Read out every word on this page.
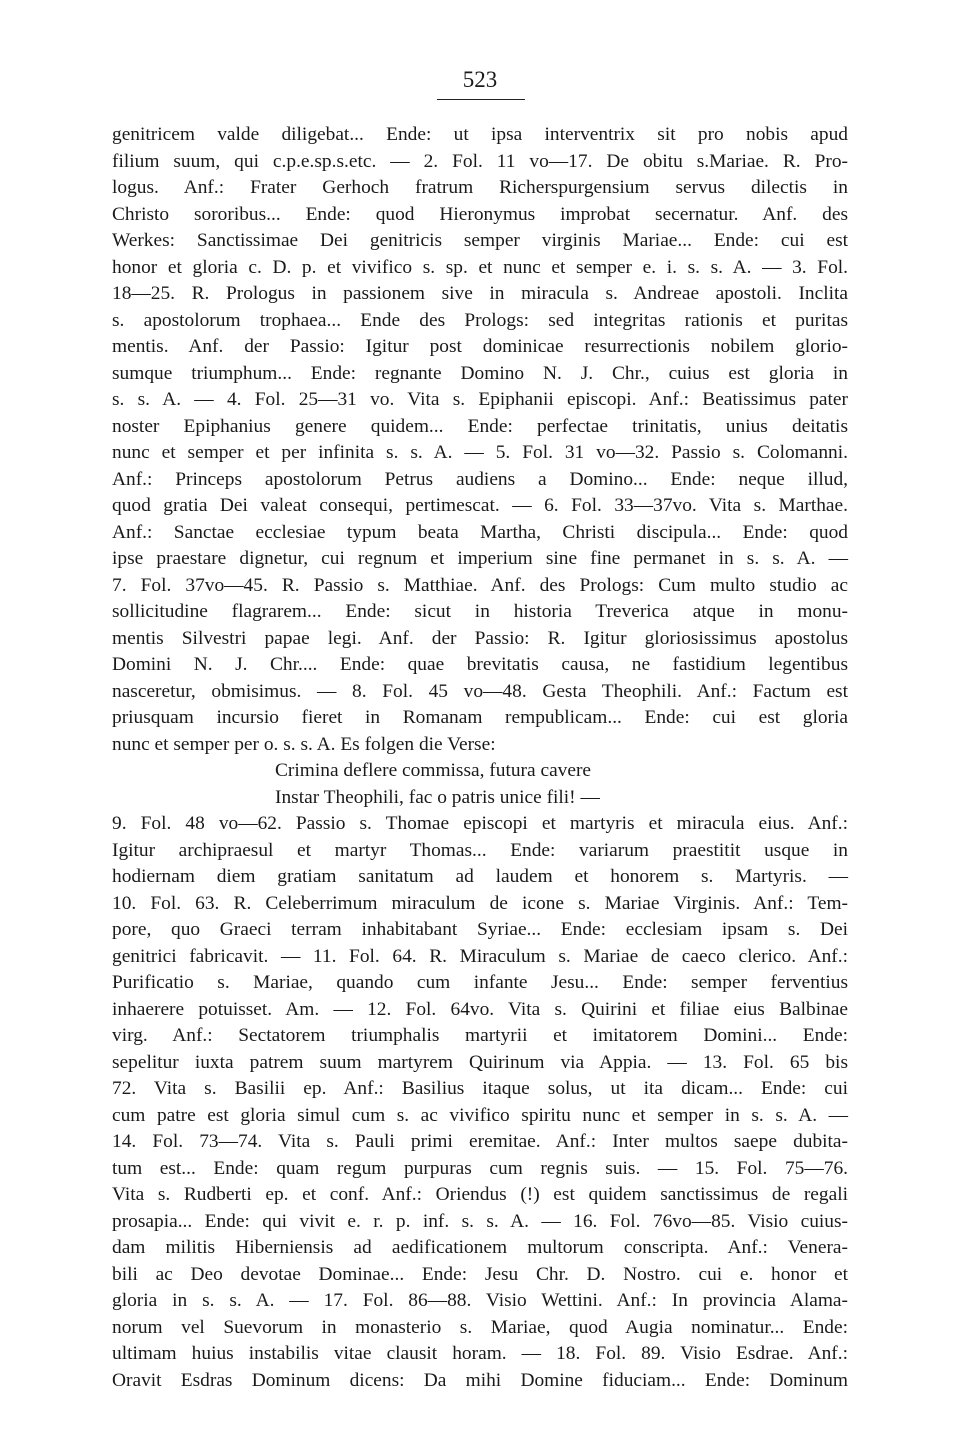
523
genitricem valde diligebat... Ende: ut ipsa interventrix sit pro nobis apud
filium suum, qui c.p.e.sp.s.etc. — 2. Fol. 11 vo—17. De obitu s.Mariae. R. Pro-
logus. Anf.: Frater Gerhoch fratrum Richerspurgensium servus dilectis in
Christo sororibus... Ende: quod Hieronymus improbat secernatur. Anf. des
Werkes: Sanctissimae Dei genitricis semper virginis Mariae... Ende: cui est
honor et gloria c. D. p. et vivifico s. sp. et nunc et semper e. i. s. s. A. — 3. Fol.
18—25. R. Prologus in passionem sive in miracula s. Andreae apostoli. Inclita
s. apostolorum trophaea... Ende des Prologs: sed integritas rationis et puritas
mentis. Anf. der Passio: Igitur post dominicae resurrectionis nobilem glorio-
sumque triumphum... Ende: regnante Domino N. J. Chr., cuius est gloria in
s. s. A. — 4. Fol. 25—31 vo. Vita s. Epiphanii episcopi. Anf.: Beatissimus pater
noster Epiphanius genere quidem... Ende: perfectae trinitatis, unius deitatis
nunc et semper et per infinita s. s. A. — 5. Fol. 31 vo—32. Passio s. Colomanni.
Anf.: Princeps apostolorum Petrus audiens a Domino... Ende: neque illud,
quod gratia Dei valeat consequi, pertimescat. — 6. Fol. 33—37vo. Vita s. Marthae.
Anf.: Sanctae ecclesiae typum beata Martha, Christi discipula... Ende: quod
ipse praestare dignetur, cui regnum et imperium sine fine permanet in s. s. A. —
7. Fol. 37vo—45. R. Passio s. Matthiae. Anf. des Prologs: Cum multo studio ac
sollicitudine flagrarem... Ende: sicut in historia Treverica atque in monu-
mentis Silvestri papae legi. Anf. der Passio: R. Igitur gloriosissimus apostolus
Domini N. J. Chr.... Ende: quae brevitatis causa, ne fastidium legentibus
nasceretur, obmisimus. — 8. Fol. 45 vo—48. Gesta Theophili. Anf.: Factum est
priusquam incursio fieret in Romanam rempublicam... Ende: cui est gloria
nunc et semper per o. s. s. A. Es folgen die Verse:
Crimina deflere commissa, futura cavere
Instar Theophili, fac o patris unice fili! —
9. Fol. 48 vo—62. Passio s. Thomae episcopi et martyris et miracula eius. Anf.:
Igitur archipraesul et martyr Thomas... Ende: variarum praestitit usque in
hodiernam diem gratiam sanitatum ad laudem et honorem s. Martyris. —
10. Fol. 63. R. Celeberrimum miraculum de icone s. Mariae Virginis. Anf.: Tem-
pore, quo Graeci terram inhabitabant Syriae... Ende: ecclesiam ipsam s. Dei
genitrici fabricavit. — 11. Fol. 64. R. Miraculum s. Mariae de caeco clerico. Anf.:
Purificatio s. Mariae, quando cum infante Jesu... Ende: semper ferventius
inhaerere potuisset. Am. — 12. Fol. 64vo. Vita s. Quirini et filiae eius Balbinae
virg. Anf.: Sectatorem triumphalis martyrii et imitatorem Domini... Ende:
sepelitur iuxta patrem suum martyrem Quirinum via Appia. — 13. Fol. 65 bis
72. Vita s. Basilii ep. Anf.: Basilius itaque solus, ut ita dicam... Ende: cui
cum patre est gloria simul cum s. ac vivifico spiritu nunc et semper in s. s. A. —
14. Fol. 73—74. Vita s. Pauli primi eremitae. Anf.: Inter multos saepe dubita-
tum est... Ende: quam regum purpuras cum regnis suis. — 15. Fol. 75—76.
Vita s. Rudberti ep. et conf. Anf.: Oriendus (!) est quidem sanctissimus de regali
prosapia... Ende: qui vivit e. r. p. inf. s. s. A. — 16. Fol. 76vo—85. Visio cuius-
dam militis Hiberniensis ad aedificationem multorum conscripta. Anf.: Venera-
bili ac Deo devotae Dominae... Ende: Jesu Chr. D. Nostro. cui e. honor et
gloria in s. s. A. — 17. Fol. 86—88. Visio Wettini. Anf.: In provincia Alama-
norum vel Suevorum in monasterio s. Mariae, quod Augia nominatur... Ende:
ultimam huius instabilis vitae clausit horam. — 18. Fol. 89. Visio Esdrae. Anf.:
Oravit Esdras Dominum dicens: Da mihi Domine fiduciam... Ende: Dominum
